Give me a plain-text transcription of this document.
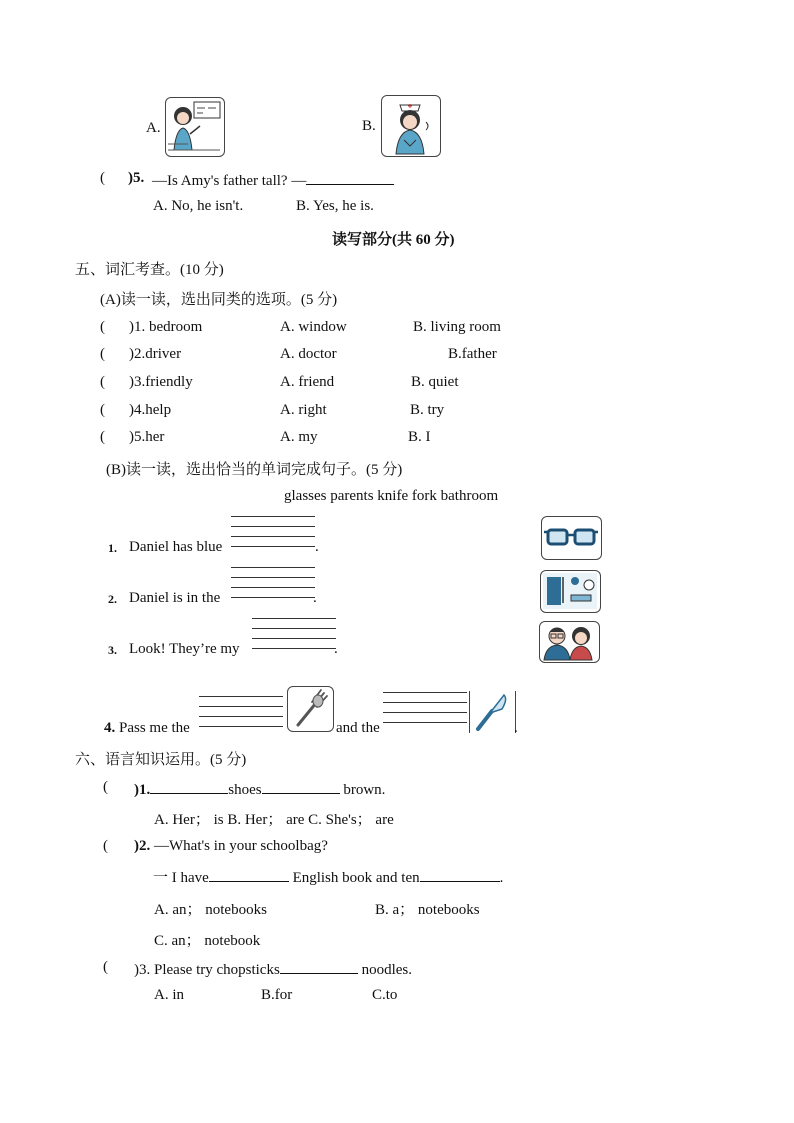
A.	B.
( )5. —Is Amy's father tall? —
A. No, he isn't.	B. Yes, he is.
读写部分(共 60 分)
五、词汇考查。(10 分)
(A)读一读，选出同类的选项。(5 分)
( )1. bedroom	A. window	B. living room
( )2.driver	A. doctor	B.father
( )3.friendly	A. friend	B. quiet
( )4.help	A. right	B. try
( )5.her	A. my	B. I
(B)读一读，选出恰当的单词完成句子。(5 分)
glasses parents knife fork bathroom
1. Daniel has blue	.
2. Daniel is in the	.
3. Look! They’re my	.
4. Pass me the	and the	.
六、语言知识运用。(5 分)
( )1.	shoes	brown.
A. Her； is B. Her； are C. She's； are
( )2. —What's in your schoolbag?
一 I have	English book and ten	.
A. an； notebooks	B. a； notebooks
C. an； notebook
( )3. Please try chopsticks	noodles.
A. in	B.for	C.to
